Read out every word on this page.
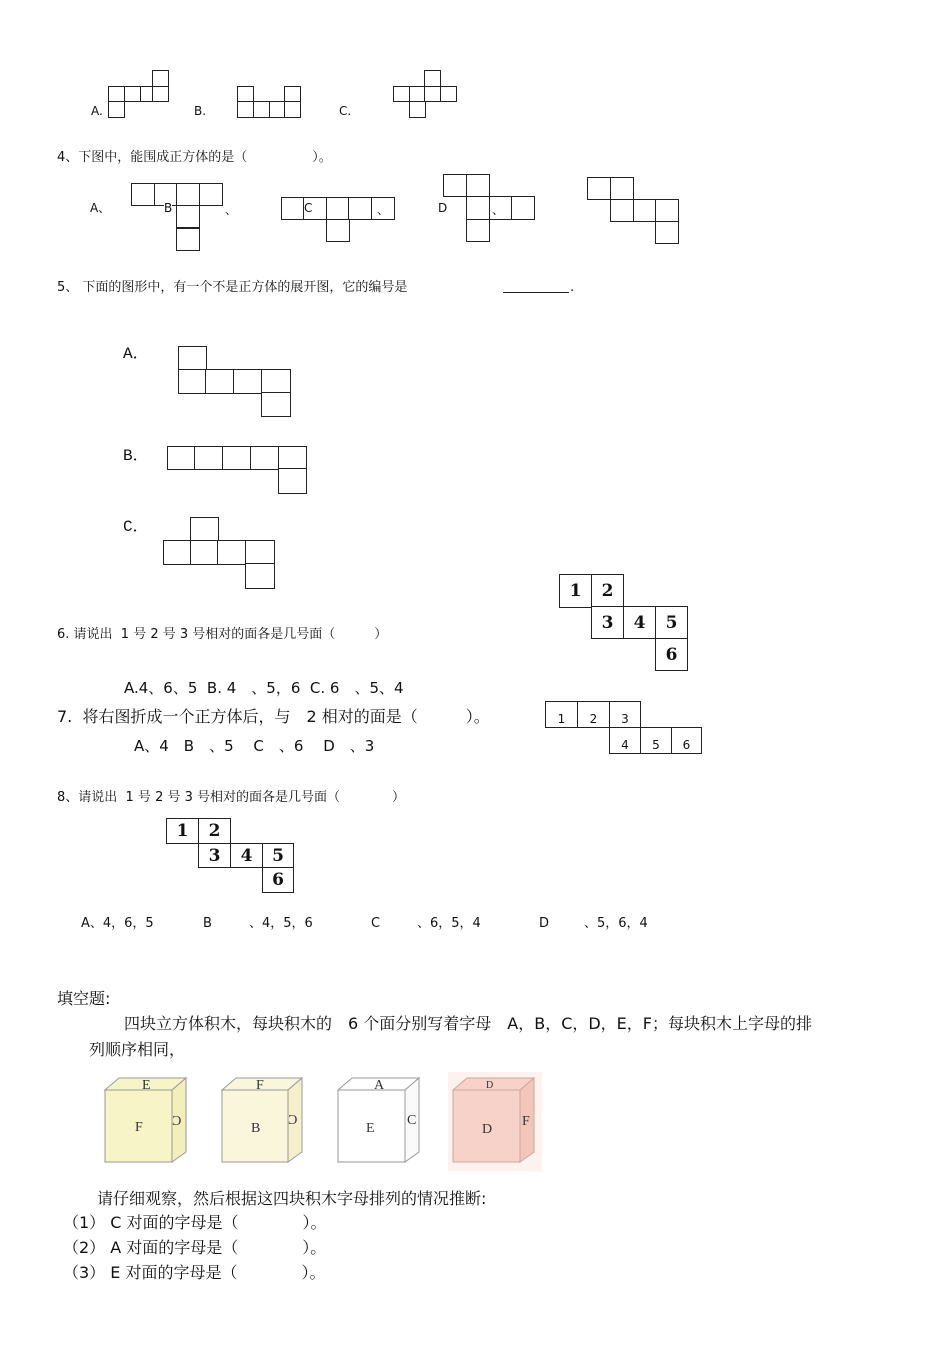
A.	B.	C.
4、下图中，能围成正方体的是（　　　　　）。
A、	B	、	C	、	D	、
5、 下面的图形中，有一个不是正方体的展开图，它的编号是	.
A．
B．
C．
1	2
3	4	5
6
6. 请说出  1 号 2 号 3 号相对的面各是几号面（　　　）
A.4、6、5  B. 4　、5，6  C. 6　、5、4
7.  将右图折成一个正方体后，与　2 相对的面是（　　　）。
A、4　B　、5　 C　、6　 D　、3
1	2	3
4	5	6
8、请说出  1 号 2 号 3 号相对的面各是几号面（　　　　）
1	2
3	4	5
6
A、4，6，5	B	、4，5，6	C	、6，5，4	D	、5，6，4
填空题:
四块立方体积木，每块积木的　6 个面分别写着字母　A，B，C，D，E，F；每块积木上字母的排
列顺序相同，
E
F C
F
B
C
A
E
C
D
D
F
请仔细观察，然后根据这四块积木字母排列的情况推断:
（1） C 对面的字母是（　　　　）。
（2） A 对面的字母是（　　　　）。
（3） E 对面的字母是（　　　　）。
